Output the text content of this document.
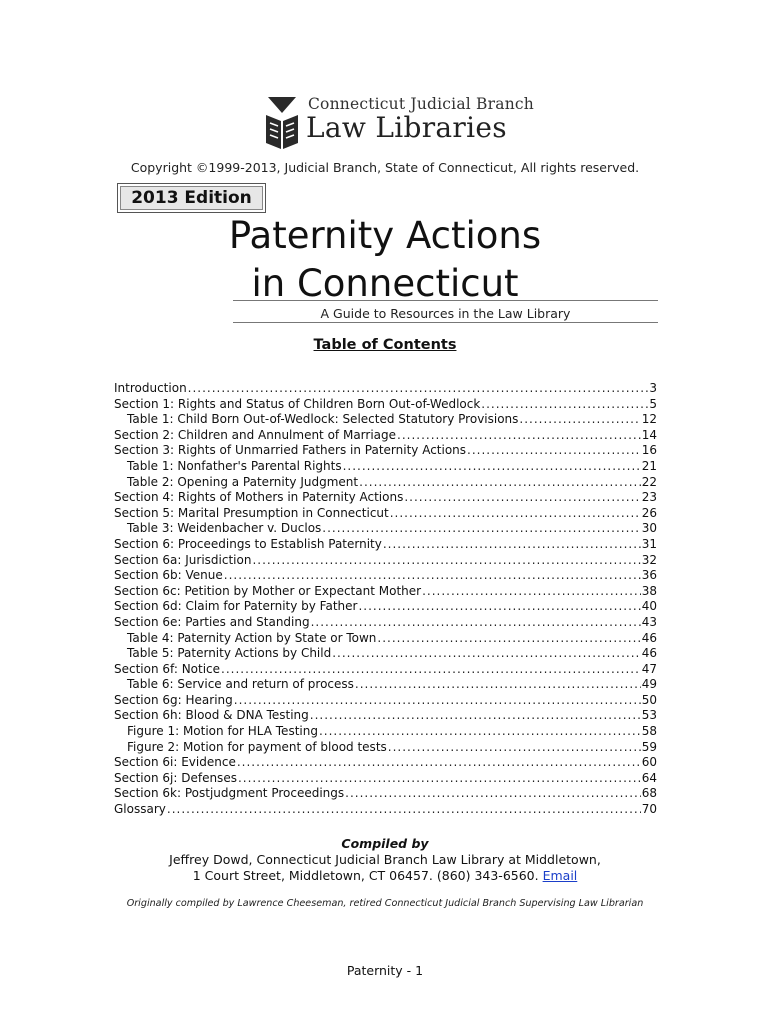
Connecticut Judicial Branch
Law Libraries
Copyright ©1999-2013, Judicial Branch, State of Connecticut, All rights reserved.
2013 Edition
Paternity Actions
in Connecticut
A Guide to Resources in the Law Library
Table of Contents
Introduction .....	3
Section 1: Rights and Status of Children Born Out-of-Wedlock .....	5
Table 1: Child Born Out-of-Wedlock: Selected Statutory Provisions .....	12
Section 2: Children and Annulment of Marriage .....	14
Section 3: Rights of Unmarried Fathers in Paternity Actions .....	16
Table 1: Nonfather's Parental Rights .....	21
Table 2: Opening a Paternity Judgment .....	22
Section 4: Rights of Mothers in Paternity Actions .....	23
Section 5: Marital Presumption in Connecticut .....	26
Table 3: Weidenbacher v. Duclos .....	30
Section 6: Proceedings to Establish Paternity .....	31
Section 6a: Jurisdiction .....	32
Section 6b: Venue .....	36
Section 6c: Petition by Mother or Expectant Mother .....	38
Section 6d: Claim for Paternity by Father .....	40
Section 6e: Parties and Standing .....	43
Table 4: Paternity Action by State or Town .....	46
Table 5: Paternity Actions by Child .....	46
Section 6f: Notice .....	47
Table 6: Service and return of process .....	49
Section 6g: Hearing .....	50
Section 6h: Blood & DNA Testing .....	53
Figure 1: Motion for HLA Testing .....	58
Figure 2: Motion for payment of blood tests .....	59
Section 6i: Evidence .....	60
Section 6j: Defenses .....	64
Section 6k: Postjudgment Proceedings .....	68
Glossary .....	70
Compiled by
Jeffrey Dowd, Connecticut Judicial Branch Law Library at Middletown,
1 Court Street, Middletown, CT 06457. (860) 343-6560. Email
Originally compiled by Lawrence Cheeseman, retired Connecticut Judicial Branch Supervising Law Librarian
Paternity - 1
